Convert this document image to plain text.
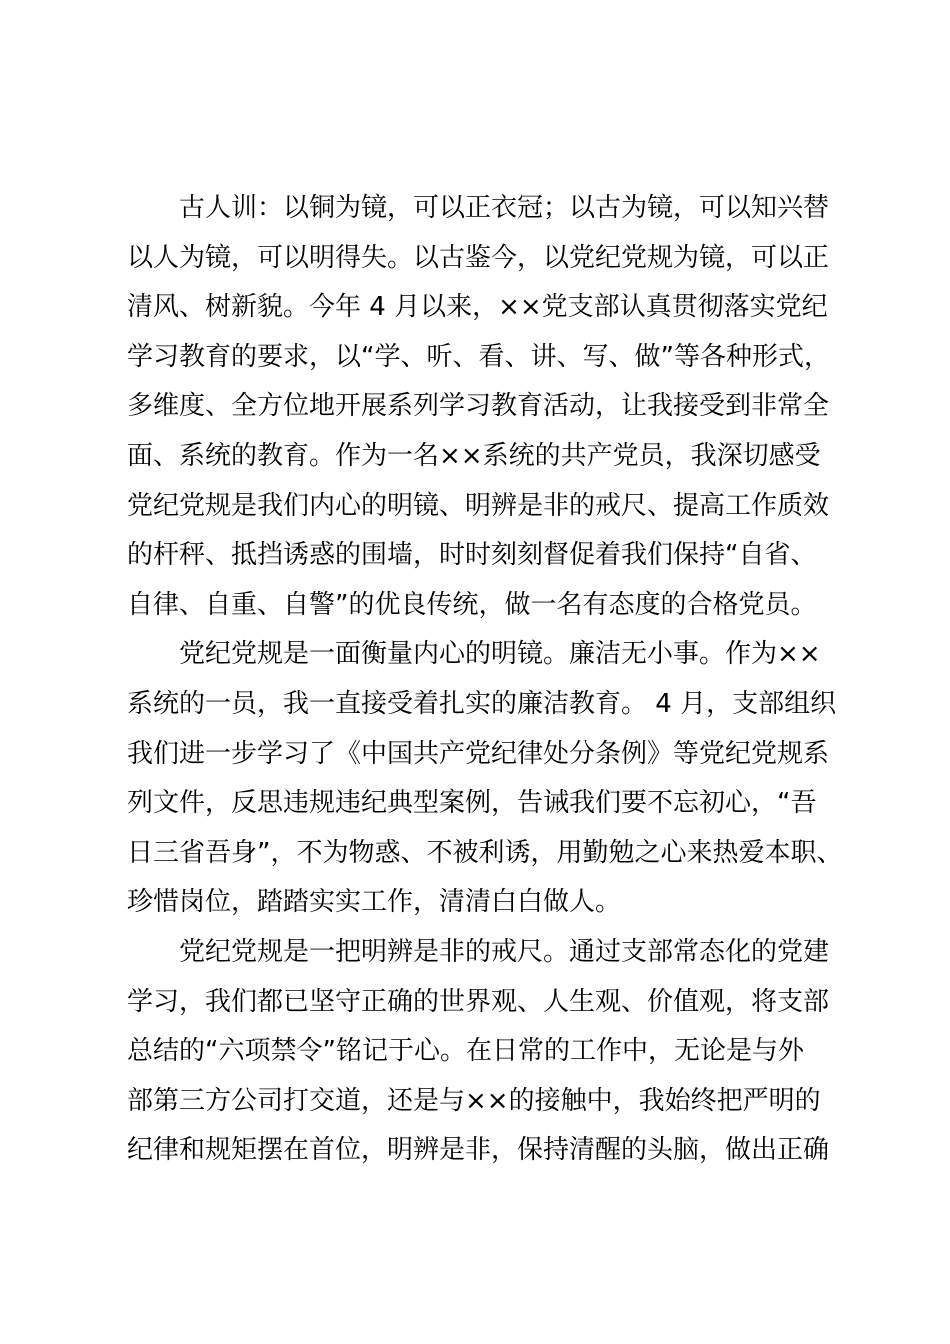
古人训：以铜为镜，可以正衣冠；以古为镜，可以知兴替
以人为镜，可以明得失。以古鉴今，以党纪党规为镜，可以正
清风、树新貌。今年 4 月以来，××党支部认真贯彻落实党纪
学习教育的要求，以“学、听、看、讲、写、做”等各种形式，
多维度、全方位地开展系列学习教育活动，让我接受到非常全
面、系统的教育。作为一名××系统的共产党员，我深切感受
党纪党规是我们内心的明镜、明辨是非的戒尺、提高工作质效
的杆秤、抵挡诱惑的围墙，时时刻刻督促着我们保持“自省、
自律、自重、自警”的优良传统，做一名有态度的合格党员。
党纪党规是一面衡量内心的明镜。廉洁无小事。作为××
系统的一员，我一直接受着扎实的廉洁教育。 4 月，支部组织
我们进一步学习了《中国共产党纪律处分条例》等党纪党规系
列文件，反思违规违纪典型案例，告诫我们要不忘初心，“吾
日三省吾身”，不为物惑、不被利诱，用勤勉之心来热爱本职、
珍惜岗位，踏踏实实工作，清清白白做人。
党纪党规是一把明辨是非的戒尺。通过支部常态化的党建
学习，我们都已坚守正确的世界观、人生观、价值观，将支部
总结的“六项禁令”铭记于心。在日常的工作中，无论是与外
部第三方公司打交道，还是与××的接触中，我始终把严明的
纪律和规矩摆在首位，明辨是非，保持清醒的头脑，做出正确
